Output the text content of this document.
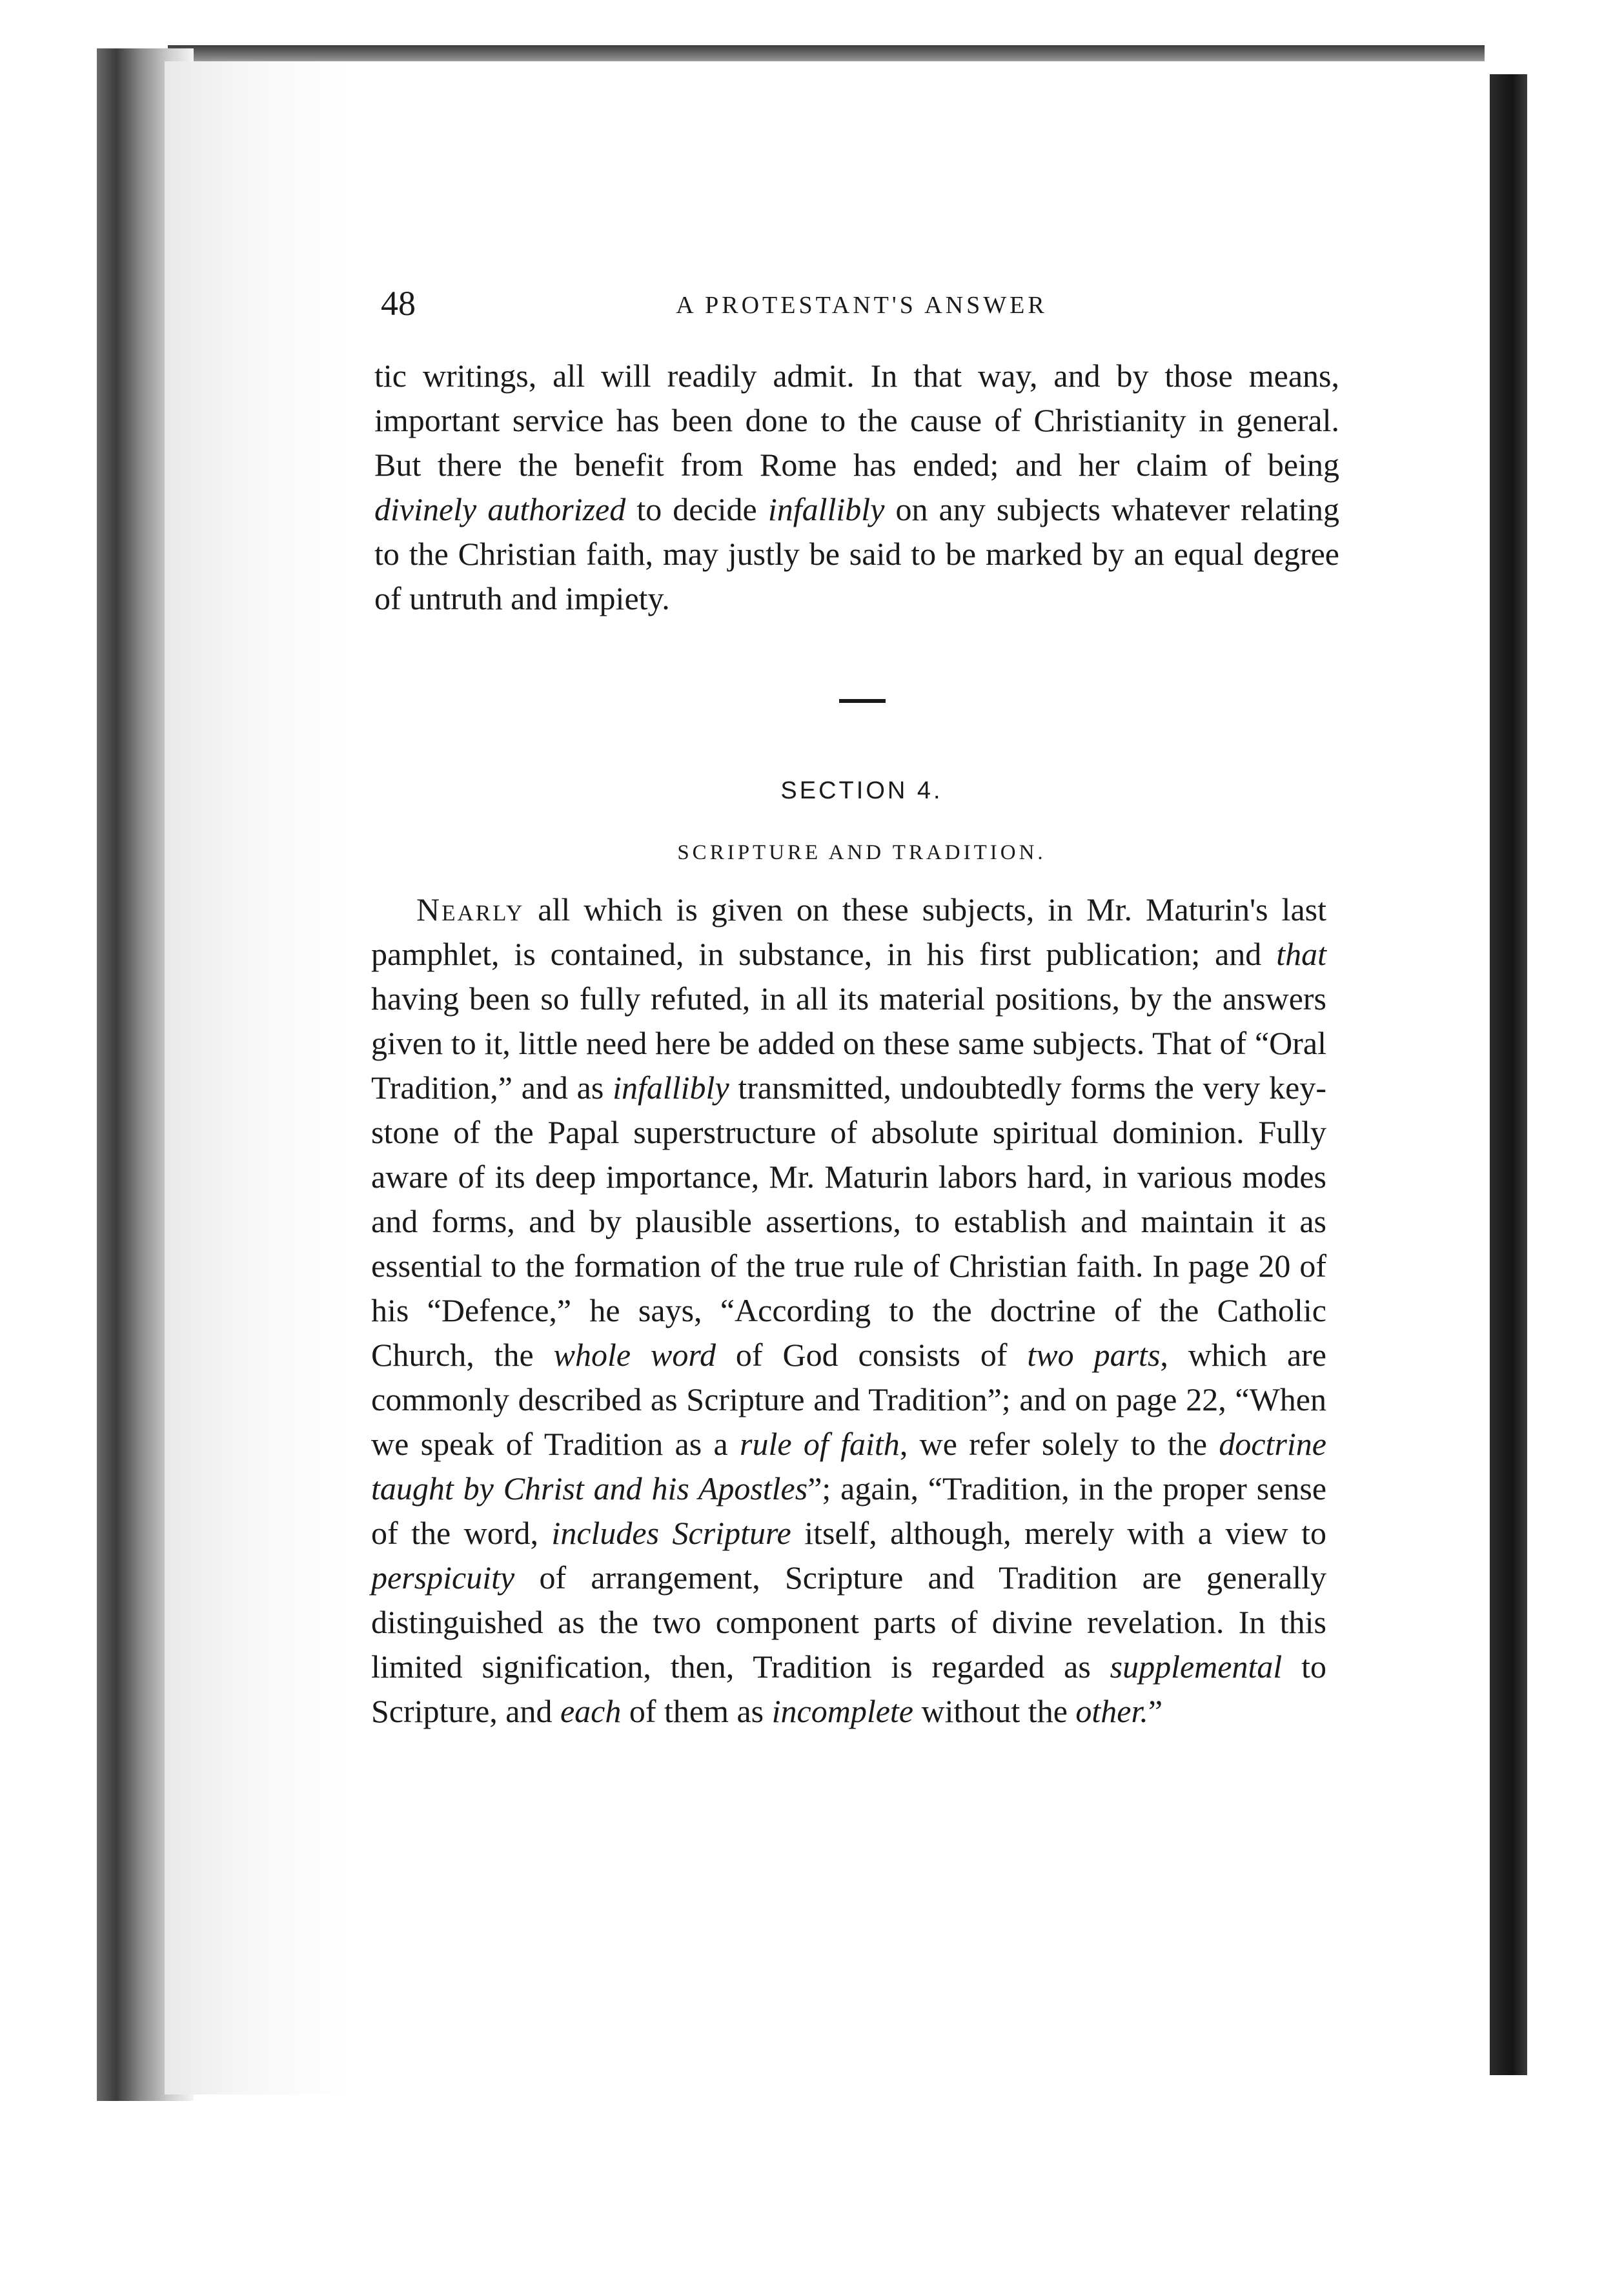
48	A PROTESTANT'S ANSWER

tic writings, all will readily admit. In that way, and by those means, important service has been done to the cause of Christianity in general. But there the benefit from Rome has ended; and her claim of being divinely authorized to decide infallibly on any subjects whatever relating to the Christian faith, may justly be said to be marked by an equal degree of untruth and impiety.

SECTION 4.
SCRIPTURE AND TRADITION.

Nearly all which is given on these subjects, in Mr. Maturin's last pamphlet, is contained, in substance, in his first publication; and that having been so fully refuted, in all its material positions, by the answers given to it, little need here be added on these same subjects. That of “Oral Tradition,” and as infallibly transmitted, undoubtedly forms the very key-stone of the Papal superstructure of absolute spiritual dominion. Fully aware of its deep importance, Mr. Maturin labors hard, in various modes and forms, and by plausible assertions, to establish and maintain it as essential to the formation of the true rule of Christian faith. In page 20 of his “Defence,” he says, “According to the doctrine of the Catholic Church, the whole word of God consists of two parts, which are commonly described as Scripture and Tradition”; and on page 22, “When we speak of Tradition as a rule of faith, we refer solely to the doctrine taught by Christ and his Apostles”; again, “Tradition, in the proper sense of the word, includes Scripture itself, although, merely with a view to perspicuity of arrangement, Scripture and Tradition are generally distinguished as the two component parts of divine revelation. In this limited signification, then, Tradition is regarded as supplemental to Scripture, and each of them as incomplete without the other.”
